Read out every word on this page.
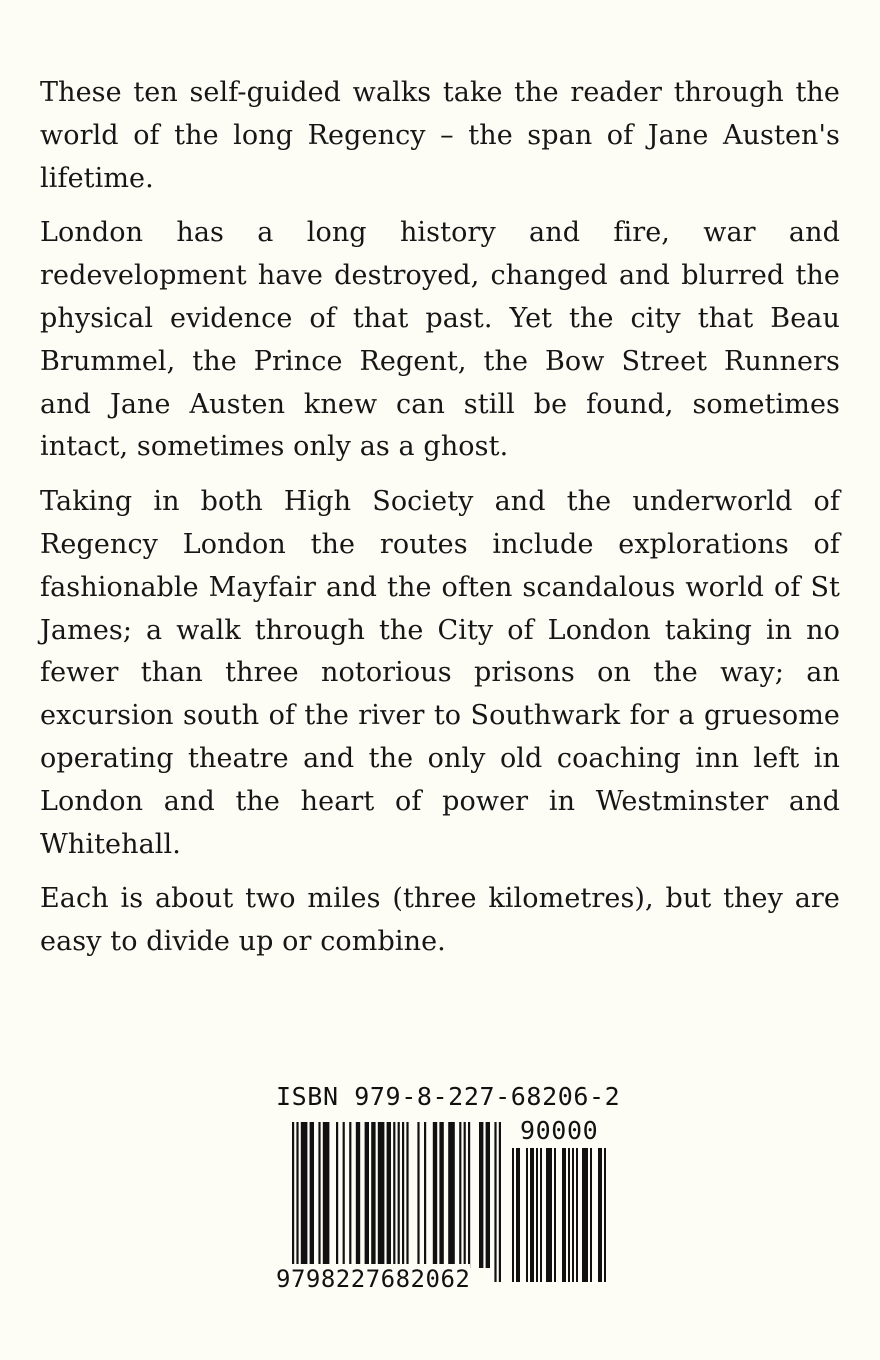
These ten self-guided walks take the reader through the world of the long Regency – the span of Jane Austen's lifetime.

London has a long history and fire, war and redevelopment have destroyed, changed and blurred the physical evidence of that past. Yet the city that Beau Brummel, the Prince Regent, the Bow Street Runners and Jane Austen knew can still be found, sometimes intact, sometimes only as a ghost.

Taking in both High Society and the underworld of Regency London the routes include explorations of fashionable Mayfair and the often scandalous world of St James; a walk through the City of London taking in no fewer than three notorious prisons on the way; an excursion south of the river to Southwark for a gruesome operating theatre and the only old coaching inn left in London and the heart of power in Westminster and Whitehall.

Each is about two miles (three kilometres), but they are easy to divide up or combine.

ISBN 979-8-227-68206-2
90000
9798227682062
